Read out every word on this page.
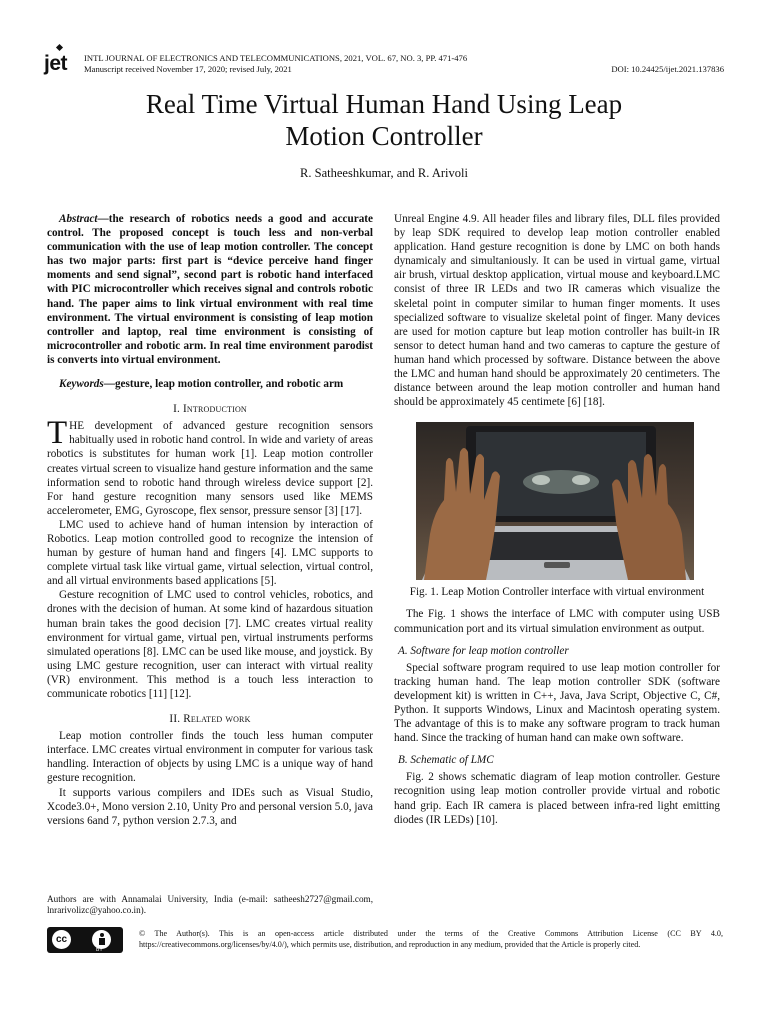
jet INTL JOURNAL OF ELECTRONICS AND TELECOMMUNICATIONS, 2021, VOL. 67, NO. 3, PP. 471-476
Manuscript received November 17, 2020; revised July, 2021	DOI: 10.24425/ijet.2021.137836
Real Time Virtual Human Hand Using Leap
Motion Controller
R. Satheeshkumar, and R. Arivoli

Abstract—the research of robotics needs a good and accurate control. The proposed concept is touch less and non-verbal communication with the use of leap motion controller. The concept has two major parts: first part is “device perceive hand finger moments and send signal”, second part is robotic hand interfaced with PIC microcontroller which receives signal and controls robotic hand. The paper aims to link virtual environment with real time environment. The virtual environment is consisting of leap motion controller and laptop, real time environment is consisting of microcontroller and robotic arm. In real time environment parodist is converts into virtual environment.

Keywords—gesture, leap motion controller, and robotic arm

I. Introduction

THE development of advanced gesture recognition sensors habitually used in robotic hand control. In wide and variety of areas robotics is substitutes for human work [1]. Leap motion controller creates virtual screen to visualize hand gesture information and the same information send to robotic hand through wireless device support [2]. For hand gesture recognition many sensors used like MEMS accelerometer, EMG, Gyroscope, flex sensor, pressure sensor [3] [17].

LMC used to achieve hand of human intension by interaction of Robotics. Leap motion controlled good to recognize the intension of human by gesture of human hand and fingers [4]. LMC supports to complete virtual task like virtual game, virtual selection, virtual control, and all virtual environments based applications [5].

Gesture recognition of LMC used to control vehicles, robotics, and drones with the decision of human. At some kind of hazardous situation human brain takes the good decision [7]. LMC creates virtual reality environment for virtual game, virtual pen, virtual instruments performs simulated operations [8]. LMC can be used like mouse, and joystick. By using LMC gesture recognition, user can interact with virtual reality (VR) environment. This method is a touch less interaction to communicate robotics [11] [12].

II. Related work

Leap motion controller finds the touch less human computer interface. LMC creates virtual environment in computer for various task handling. Interaction of objects by using LMC is a unique way of hand gesture recognition.

It supports various compilers and IDEs such as Visual Studio, Xcode3.0+, Mono version 2.10, Unity Pro and personal version 5.0, java versions 6and 7, python version 2.7.3, and

Unreal Engine 4.9. All header files and library files, DLL files provided by leap SDK required to develop leap motion controller enabled application. Hand gesture recognition is done by LMC on both hands dynamicaly and simultaniously. It can be used in virtual game, virtual air brush, virtual desktop application, virtual mouse and keyboard.LMC consist of three IR LEDs and two IR cameras which visualize the skeletal point in computer similar to human finger moments. It uses specialized software to visualize skeletal point of finger. Many devices are used for motion capture but leap motion controller has built-in IR sensor to detect human hand and two cameras to capture the gesture of human hand which processed by software. Distance between the above the LMC and human hand should be approximately 20 centimeters. The distance between around the leap motion controller and human hand should be approximately 45 centimete [6] [18].

Fig. 1. Leap Motion Controller interface with virtual environment

The Fig. 1 shows the interface of LMC with computer using USB communication port and its virtual simulation environment as output.

A. Software for leap motion controller

Special software program required to use leap motion controller for tracking human hand. The leap motion controller SDK (software development kit) is written in C++, Java, Java Script, Objective C, C#, Python. It supports Windows, Linux and Macintosh operating system. The advantage of this is to make any software program to track human hand. Since the tracking of human hand can make own software.

B. Schematic of LMC

Fig. 2 shows schematic diagram of leap motion controller. Gesture recognition using leap motion controller provide virtual and robotic hand grip. Each IR camera is placed between infra-red light emitting diodes (IR LEDs) [10].

Authors are with Annamalai University, India (e-mail: satheesh2727@gmail.com, lnrarivolizc@yahoo.co.in).
cc
BY
© The Author(s). This is an open-access article distributed under the terms of the Creative Commons Attribution License (CC BY 4.0, https://creativecommons.org/licenses/by/4.0/), which permits use, distribution, and reproduction in any medium, provided that the Article is properly cited.
